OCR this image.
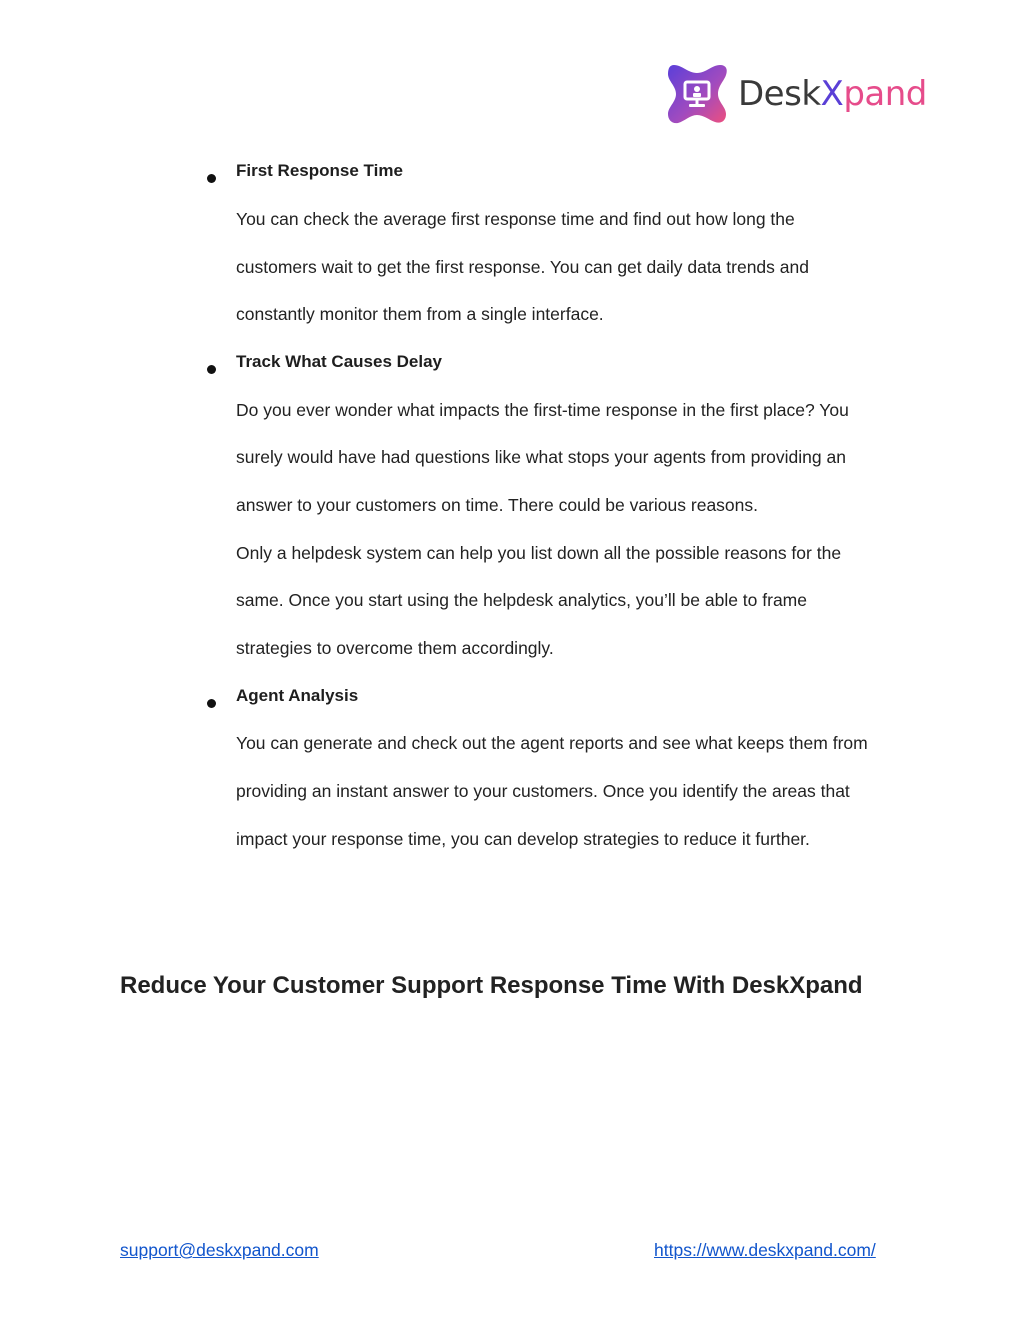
DeskXpand
First Response Time
You can check the average first response time and find out how long the
customers wait to get the first response. You can get daily data trends and
constantly monitor them from a single interface.
Track What Causes Delay
Do you ever wonder what impacts the first-time response in the first place? You
surely would have had questions like what stops your agents from providing an
answer to your customers on time. There could be various reasons.
Only a helpdesk system can help you list down all the possible reasons for the
same. Once you start using the helpdesk analytics, you’ll be able to frame
strategies to overcome them accordingly.
Agent Analysis
You can generate and check out the agent reports and see what keeps them from
providing an instant answer to your customers. Once you identify the areas that
impact your response time, you can develop strategies to reduce it further.
Reduce Your Customer Support Response Time With DeskXpand
support@deskxpand.com	https://www.deskxpand.com/
